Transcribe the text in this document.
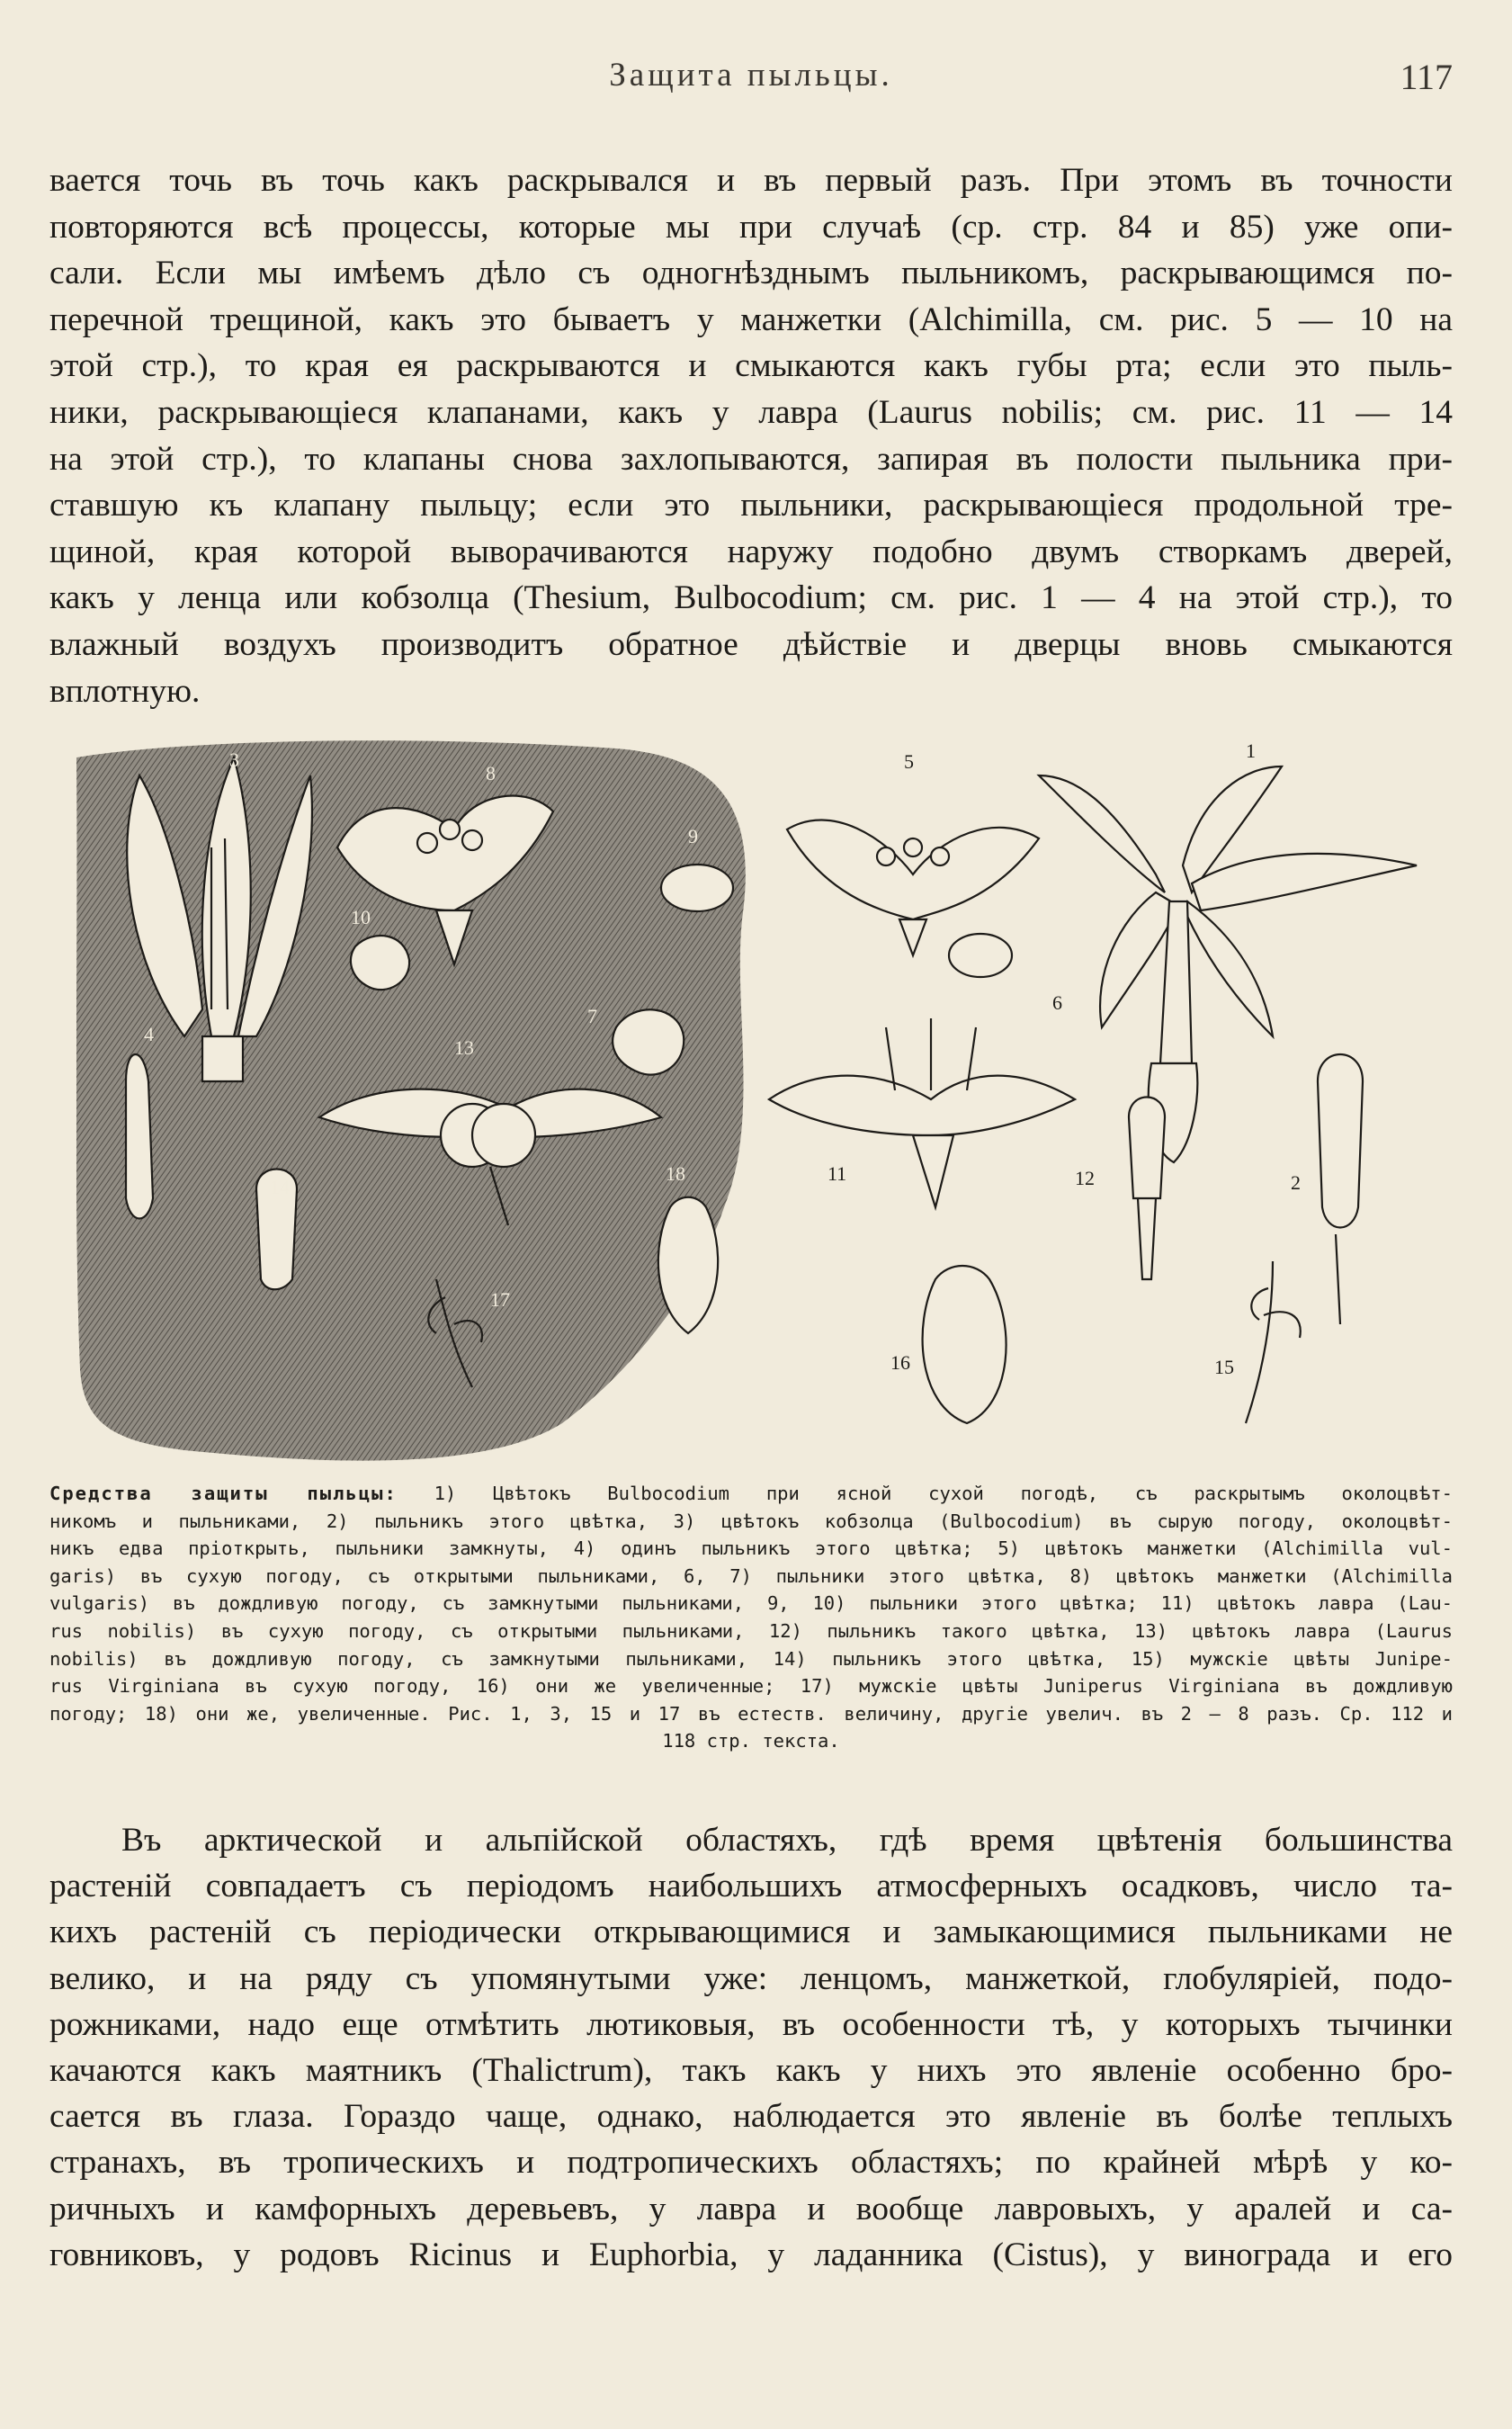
Защита пыльцы.	117

вается точь въ точь какъ раскрывался и въ первый разъ. При этомъ въ точности
повторяются всѣ процессы, которые мы при случаѣ (ср. стр. 84 и 85) уже опи-
сали. Если мы имѣемъ дѣло съ одногнѣзднымъ пыльникомъ, раскрывающимся по-
перечной трещиной, какъ это бываетъ у манжетки (Alchimilla, см. рис. 5 — 10 на
этой стр.), то края ея раскрываются и смыкаются какъ губы рта; если это пыль-
ники, раскрывающіеся клапанами, какъ у лавра (Laurus nobilis; см. рис. 11 — 14
на этой стр.), то клапаны снова захлопываются, запирая въ полости пыльника при-
ставшую къ клапану пыльцу; если это пыльники, раскрывающіеся продольной тре-
щиной, края которой выворачиваются наружу подобно двумъ створкамъ дверей,
какъ у ленца или кобзолца (Thesium, Bulbocodium; см. рис. 1 — 4 на этой стр.), то
влажный воздухъ производитъ обратное дѣйствіе и дверцы вновь смыкаются
вплотную.

3
8
9
10
7
13
4
14
18
17
5	1
6
11	12	2
16	15

Средства защиты пыльцы: 1) Цвѣтокъ Bulbocodium при ясной сухой погодѣ, съ раскрытымъ околоцвѣт-
никомъ и пыльниками, 2) пыльникъ этого цвѣтка, 3) цвѣтокъ кобзолца (Bulbocodium) въ сырую погоду, околоцвѣт-
никъ едва пріоткрыть, пыльники замкнуты, 4) одинъ пыльникъ этого цвѣтка; 5) цвѣтокъ манжетки (Alchimilla vul-
garis) въ сухую погоду, съ открытыми пыльниками, 6, 7) пыльники этого цвѣтка, 8) цвѣтокъ манжетки (Alchimilla
vulgaris) въ дождливую погоду, съ замкнутыми пыльниками, 9, 10) пыльники этого цвѣтка; 11) цвѣтокъ лавра (Lau-
rus nobilis) въ сухую погоду, съ открытыми пыльниками, 12) пыльникъ такого цвѣтка, 13) цвѣтокъ лавра (Laurus
nobilis) въ дождливую погоду, съ замкнутыми пыльниками, 14) пыльникъ этого цвѣтка, 15) мужскіе цвѣты Junipe-
rus Virginiana въ сухую погоду, 16) они же увеличенные; 17) мужскіе цвѣты Juniperus Virginiana въ дождливую
погоду; 18) они же, увеличенные. Рис. 1, 3, 15 и 17 въ естеств. величину, другіе увелич. въ 2 — 8 разъ. Ср. 112 и
118 стр. текста.

Въ арктической и альпійской областяхъ, гдѣ время цвѣтенія большинства
растеній совпадаетъ съ періодомъ наибольшихъ атмосферныхъ осадковъ, число та-
кихъ растеній съ періодически открывающимися и замыкающимися пыльниками не
велико, и на ряду съ упомянутыми уже: ленцомъ, манжеткой, глобуляріей, подо-
рожниками, надо еще отмѣтить лютиковыя, въ особенности тѣ, у которыхъ тычинки
качаются какъ маятникъ (Thalictrum), такъ какъ у нихъ это явленіе особенно бро-
сается въ глаза. Гораздо чаще, однако, наблюдается это явленіе въ болѣе теплыхъ
странахъ, въ тропическихъ и подтропическихъ областяхъ; по крайней мѣрѣ у ко-
ричныхъ и камфорныхъ деревьевъ, у лавра и вообще лавровыхъ, у аралей и са-
говниковъ, у родовъ Ricinus и Euphorbia, у ладанника (Cistus), у винограда и его
